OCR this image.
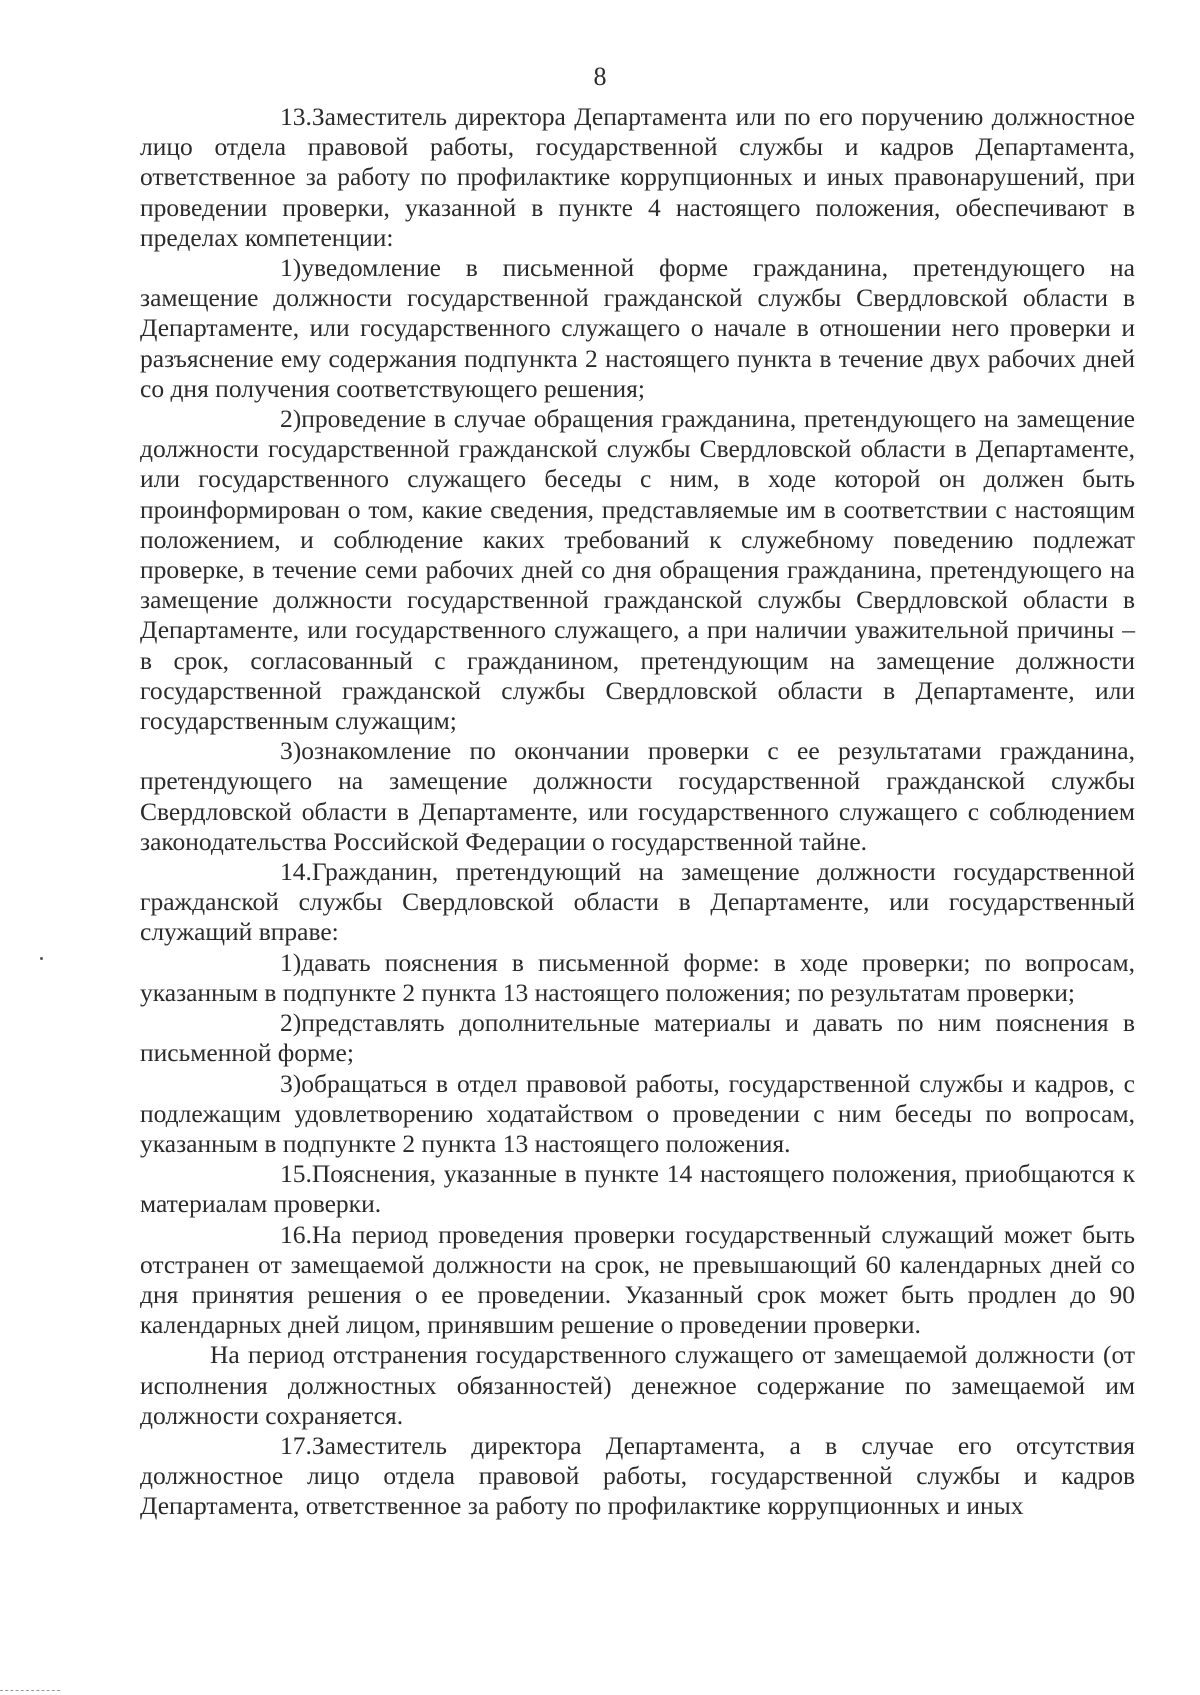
8

13.Заместитель директора Департамента или по его поручению должностное лицо отдела правовой работы, государственной службы и кадров Департамента, ответственное за работу по профилактике коррупционных и иных правонарушений, при проведении проверки, указанной в пункте 4 настоящего положения, обеспечивают в пределах компетенции:

1)уведомление в письменной форме гражданина, претендующего на замещение должности государственной гражданской службы Свердловской области в Департаменте, или государственного служащего о начале в отношении него проверки и разъяснение ему содержания подпункта 2 настоящего пункта в течение двух рабочих дней со дня получения соответствующего решения;

2)проведение в случае обращения гражданина, претендующего на замещение должности государственной гражданской службы Свердловской области в Департаменте, или государственного служащего беседы с ним, в ходе которой он должен быть проинформирован о том, какие сведения, представляемые им в соответствии с настоящим положением, и соблюдение каких требований к служебному поведению подлежат проверке, в течение семи рабочих дней со дня обращения гражданина, претендующего на замещение должности государственной гражданской службы Свердловской области в Департаменте, или государственного служащего, а при наличии уважительной причины – в срок, согласованный с гражданином, претендующим на замещение должности государственной гражданской службы Свердловской области в Департаменте, или государственным служащим;

3)ознакомление по окончании проверки с ее результатами гражданина, претендующего на замещение должности государственной гражданской службы Свердловской области в Департаменте, или государственного служащего с соблюдением законодательства Российской Федерации о государственной тайне.

14.Гражданин, претендующий на замещение должности государственной гражданской службы Свердловской области в Департаменте, или государственный служащий вправе:

1)давать пояснения в письменной форме: в ходе проверки; по вопросам, указанным в подпункте 2 пункта 13 настоящего положения; по результатам проверки;

2)представлять дополнительные материалы и давать по ним пояснения в письменной форме;

3)обращаться в отдел правовой работы, государственной службы и кадров, с подлежащим удовлетворению ходатайством о проведении с ним беседы по вопросам, указанным в подпункте 2 пункта 13 настоящего положения.

15.Пояснения, указанные в пункте 14 настоящего положения, приобщаются к материалам проверки.

16.На период проведения проверки государственный служащий может быть отстранен от замещаемой должности на срок, не превышающий 60 календарных дней со дня принятия решения о ее проведении. Указанный срок может быть продлен до 90 календарных дней лицом, принявшим решение о проведении проверки.

На период отстранения государственного служащего от замещаемой должности (от исполнения должностных обязанностей) денежное содержание по замещаемой им должности сохраняется.

17.Заместитель директора Департамента, а в случае его отсутствия должностное лицо отдела правовой работы, государственной службы и кадров Департамента, ответственное за работу по профилактике коррупционных и иных
